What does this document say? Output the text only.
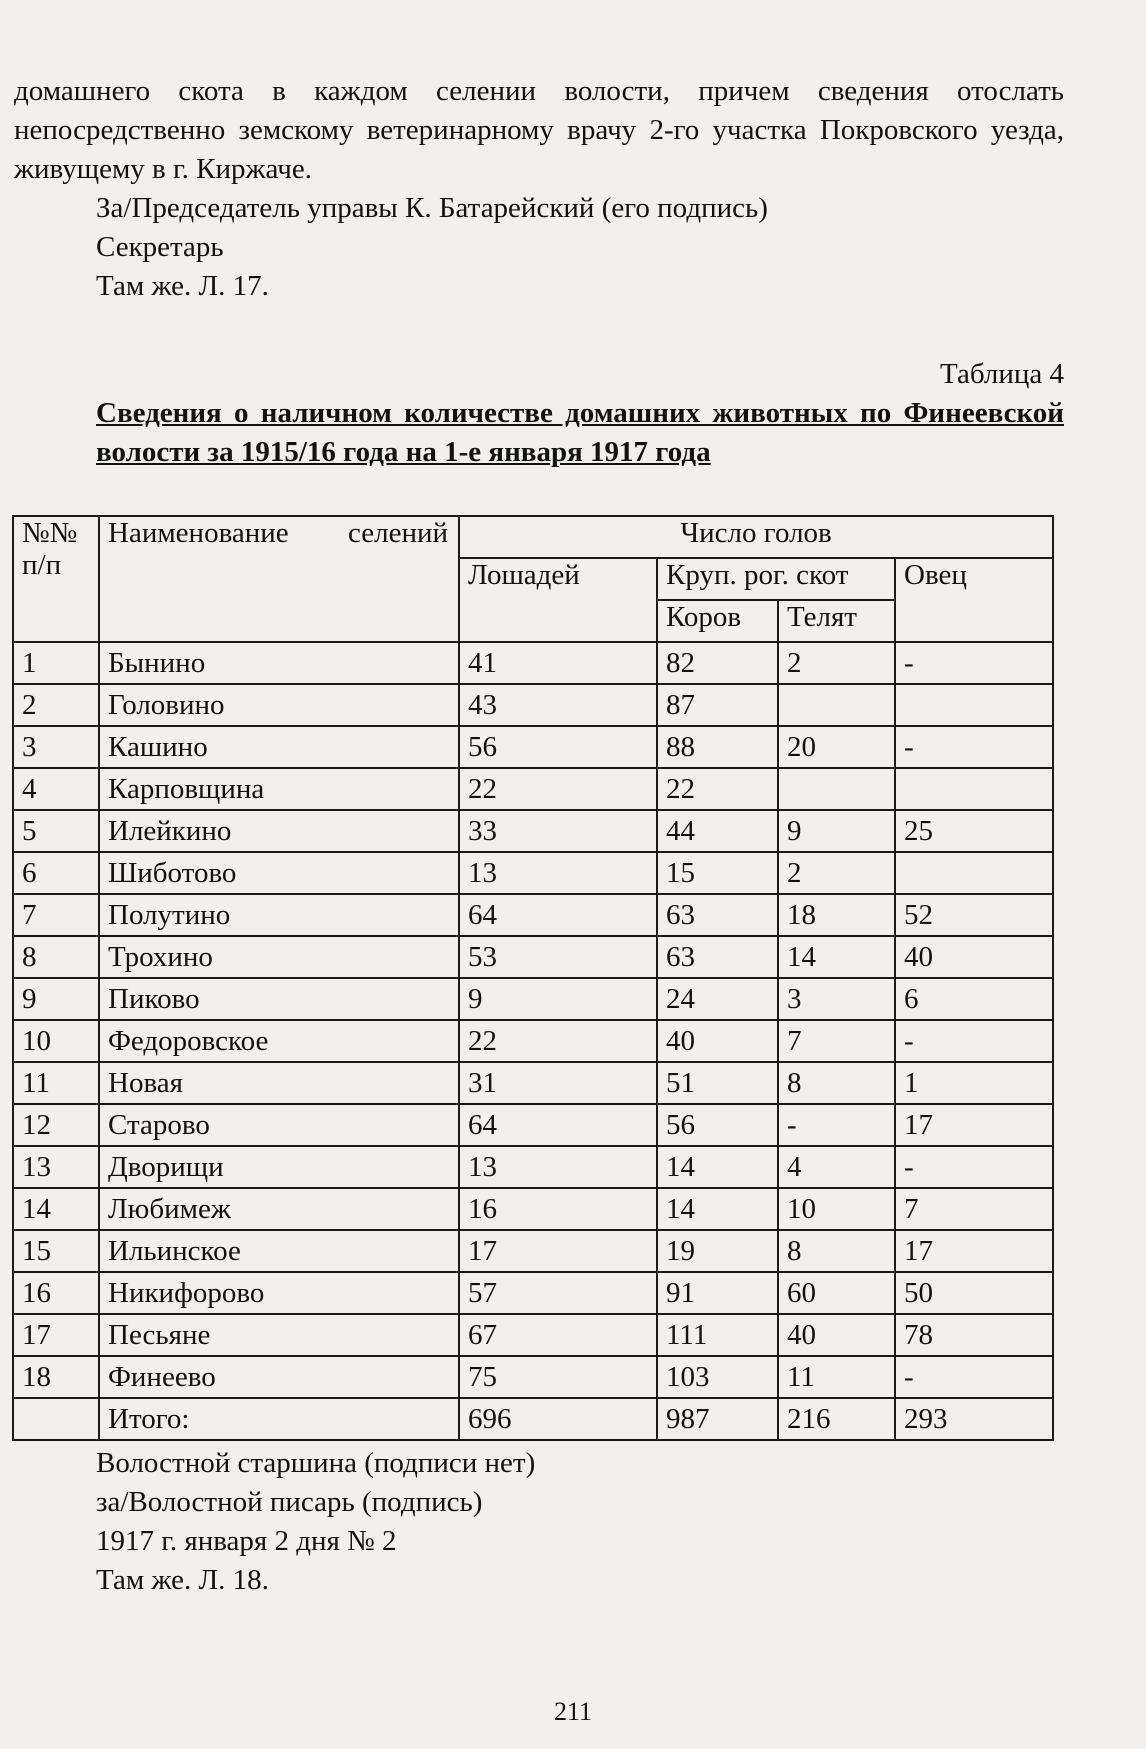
домашнего скота в каждом селении волости, причем сведения отослать непосредственно земскому ветеринарному врачу 2-го участка Покровского уезда, живущему в г. Киржаче.
За/Председатель управы К. Батарейский (его подпись)
Секретарь
Там же. Л. 17.
Таблица 4
Сведения о наличном количестве домашних животных по Финеевской волости за 1915/16 года на 1-е января 1917 года
№№
п/п	Наименование селений	Число голов			
		Лошадей	Круп. рог. скот		Овец
			Коров	Телят	
1	Бынино	41	82	2	-
2	Головино	43	87		
3	Кашино	56	88	20	-
4	Карповщина	22	22		
5	Илейкино	33	44	9	25
6	Шиботово	13	15	2	
7	Полутино	64	63	18	52
8	Трохино	53	63	14	40
9	Пиково	9	24	3	6
10	Федоровское	22	40	7	-
11	Новая	31	51	8	1
12	Старово	64	56	-	17
13	Дворищи	13	14	4	-
14	Любимеж	16	14	10	7
15	Ильинское	17	19	8	17
16	Никифорово	57	91	60	50
17	Песьяне	67	111	40	78
18	Финеево	75	103	11	-
	Итого:	696	987	216	293
Волостной старшина (подписи нет)
за/Волостной писарь (подпись)
1917 г. января 2 дня № 2
Там же. Л. 18.
211
